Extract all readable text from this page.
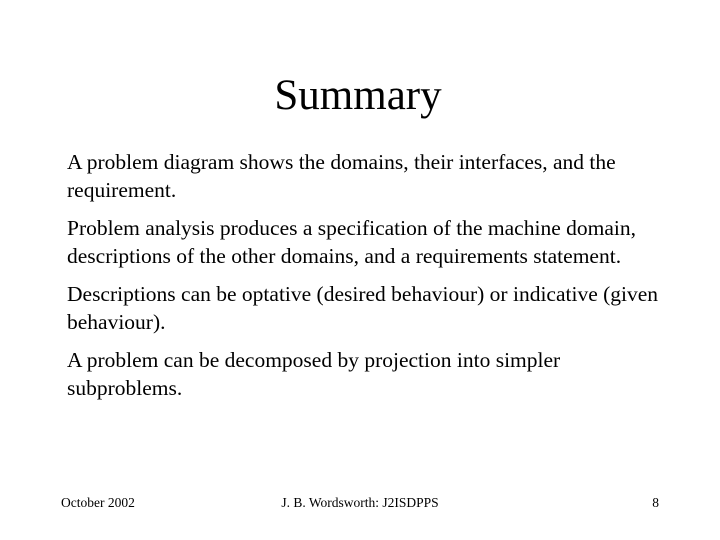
Summary
A problem diagram shows the domains, their interfaces, and the requirement.
Problem analysis produces a specification of the machine domain, descriptions of the other domains, and a requirements statement.
Descriptions can be optative (desired behaviour) or indicative (given behaviour).
A problem can be decomposed by projection into simpler subproblems.
October 2002	J. B. Wordsworth: J2ISDPPS	8
